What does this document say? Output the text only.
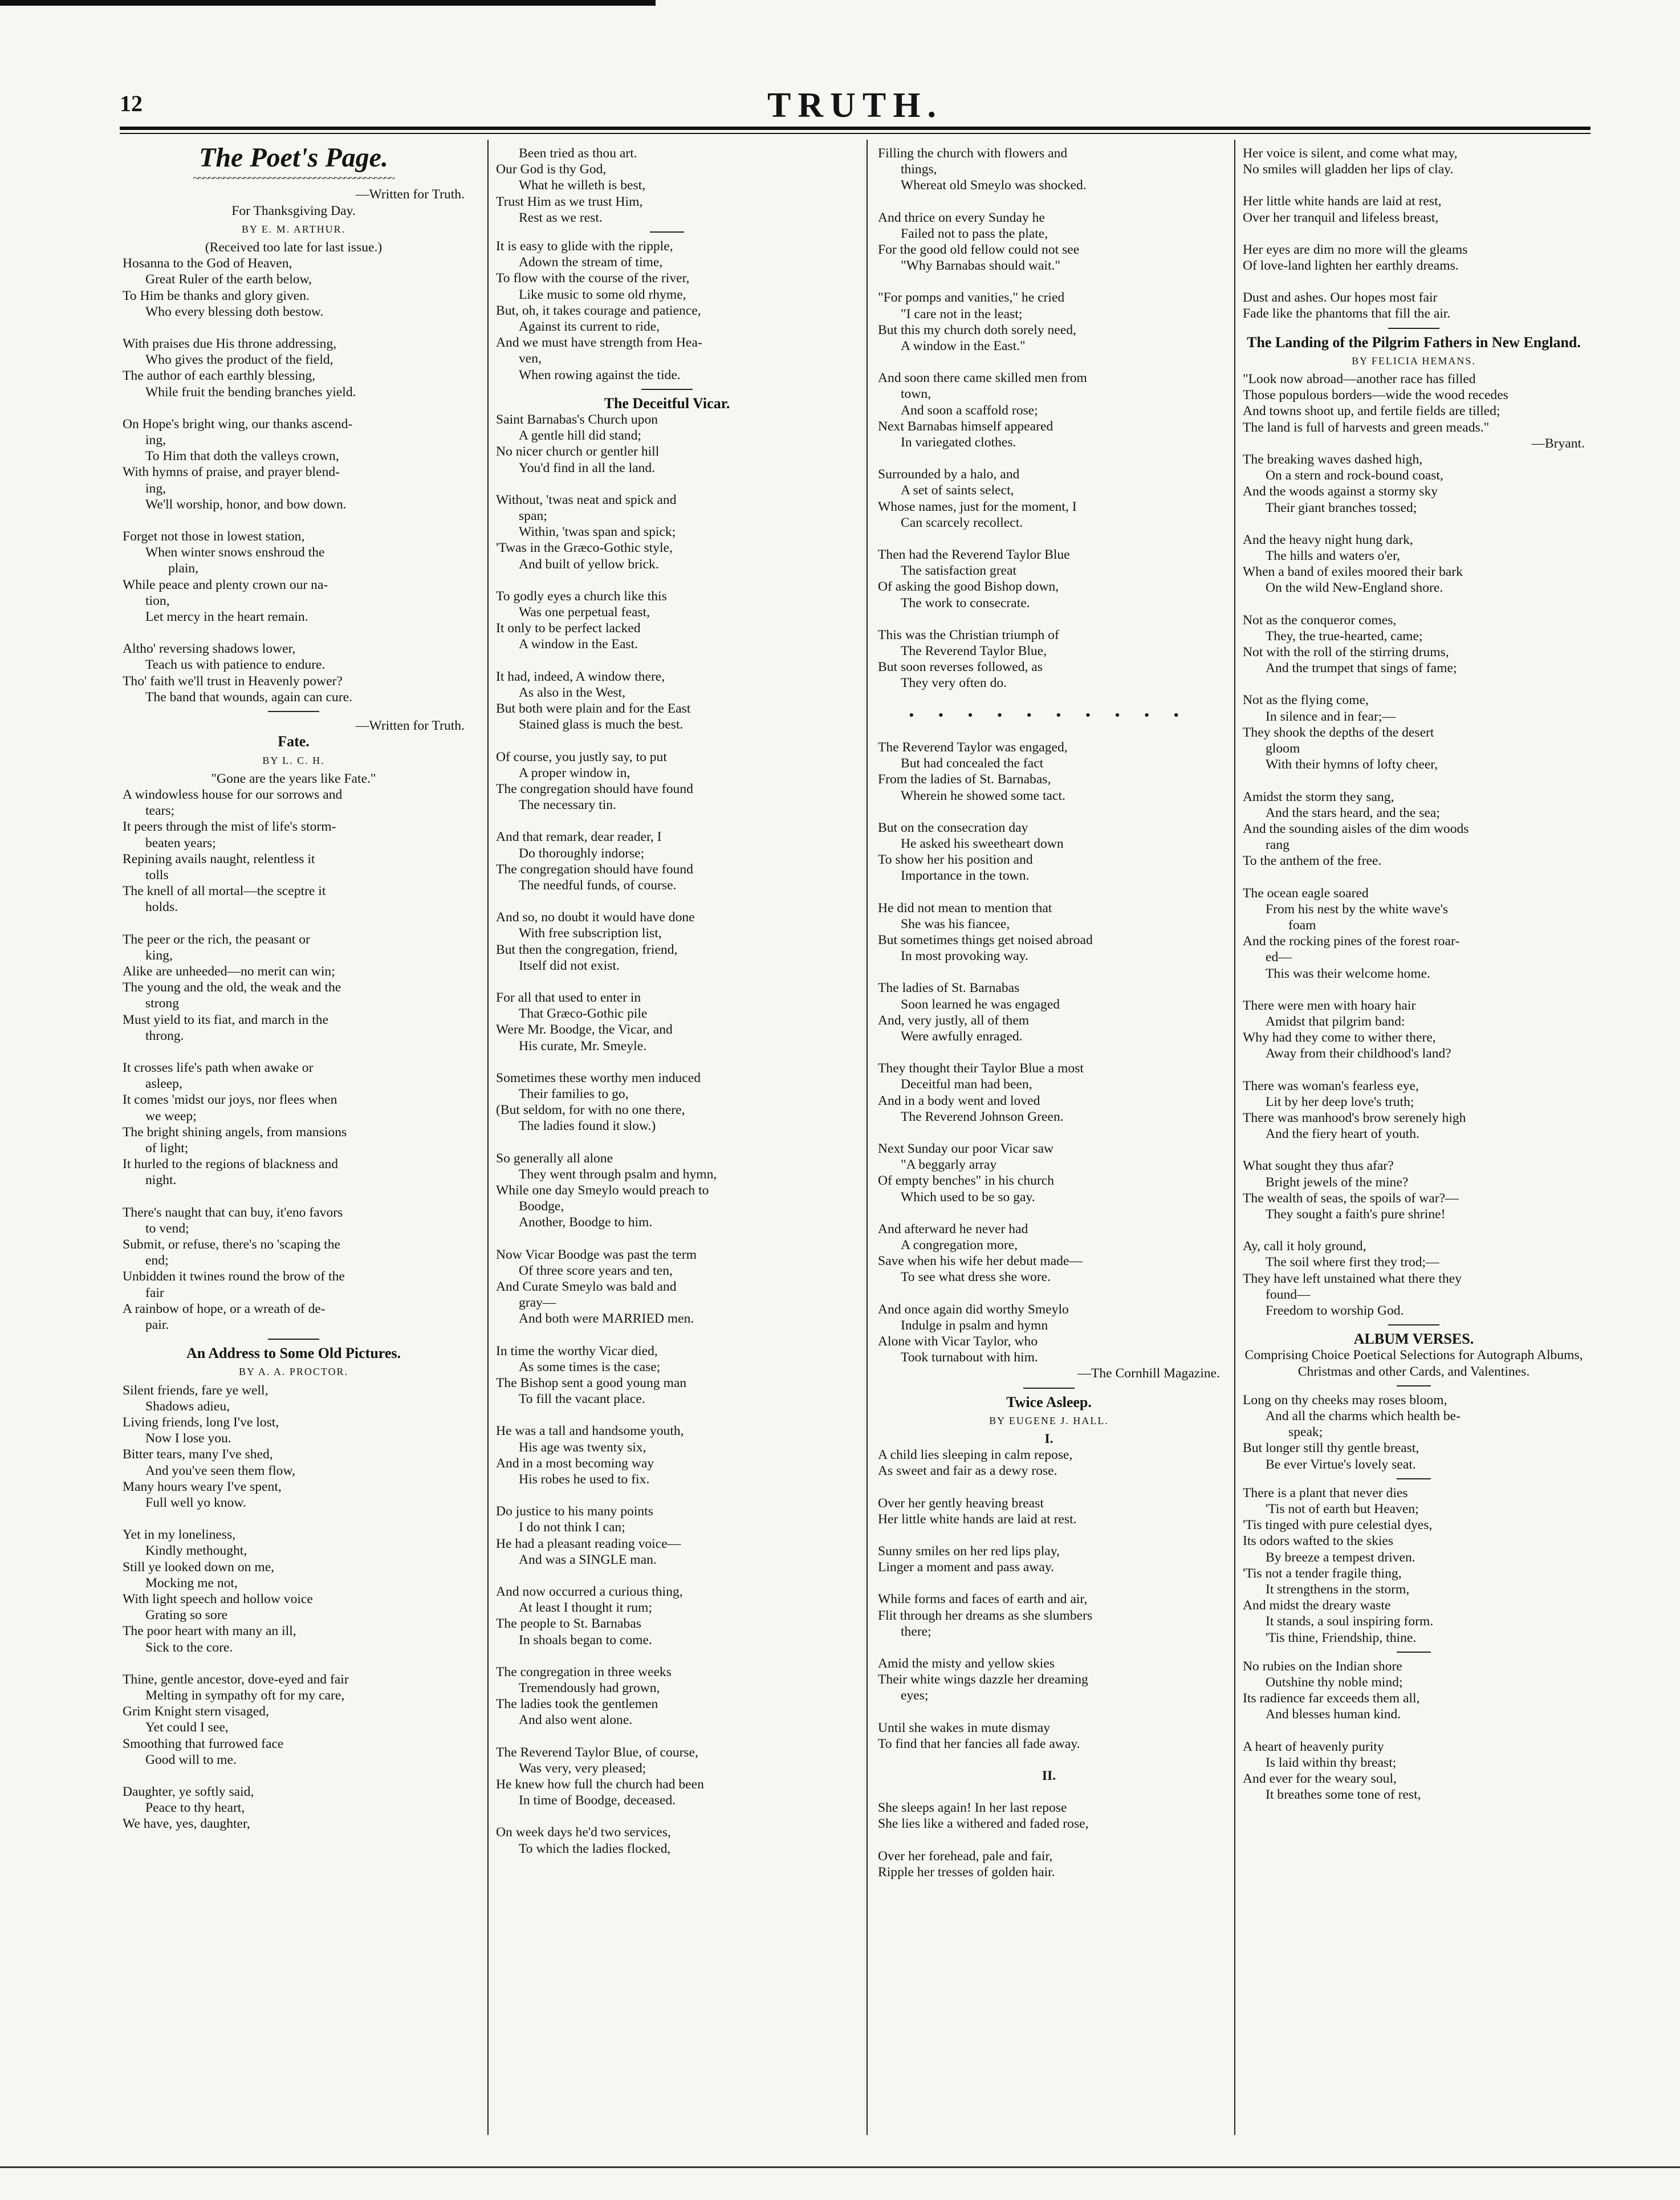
12	TRUTH.

The Poet's Page.

~~~~~~~~~~~~~~~~~~~~~~~~~~~~~~~~~~~~~~~~

—Written for Truth.

For Thanksgiving Day.

BY E. M. ARTHUR.

(Received too late for last issue.)

Hosanna to the God of Heaven,

Great Ruler of the earth below,

To Him be thanks and glory given.

Who every blessing doth bestow.

With praises due His throne addressing,

Who gives the product of the field,

The author of each earthly blessing,

While fruit the bending branches yield.

On Hope's bright wing, our thanks ascend-

ing,

To Him that doth the valleys crown,

With hymns of praise, and prayer blend-

ing,

We'll worship, honor, and bow down.

Forget not those in lowest station,

When winter snows enshroud the

plain,

While peace and plenty crown our na-

tion,

Let mercy in the heart remain.

Altho' reversing shadows lower,

Teach us with patience to endure.

Tho' faith we'll trust in Heavenly power?

The band that wounds, again can cure.

—Written for Truth.

Fate.

BY L. C. H.

"Gone are the years like Fate."

A windowless house for our sorrows and

tears;

It peers through the mist of life's storm-

beaten years;

Repining avails naught, relentless it

tolls

The knell of all mortal—the sceptre it

holds.

The peer or the rich, the peasant or

king,

Alike are unheeded—no merit can win;

The young and the old, the weak and the

strong

Must yield to its fiat, and march in the

throng.

It crosses life's path when awake or

asleep,

It comes 'midst our joys, nor flees when

we weep;

The bright shining angels, from mansions

of light;

It hurled to the regions of blackness and

night.

There's naught that can buy, it'eno favors

to vend;

Submit, or refuse, there's no 'scaping the

end;

Unbidden it twines round the brow of the

fair

A rainbow of hope, or a wreath of de-

pair.

An Address to Some Old Pictures.

BY A. A. PROCTOR.

Silent friends, fare ye well,

Shadows adieu,

Living friends, long I've lost,

Now I lose you.

Bitter tears, many I've shed,

And you've seen them flow,

Many hours weary I've spent,

Full well yo know.

Yet in my loneliness,

Kindly methought,

Still ye looked down on me,

Mocking me not,

With light speech and hollow voice

Grating so sore

The poor heart with many an ill,

Sick to the core.

Thine, gentle ancestor, dove-eyed and fair

Melting in sympathy oft for my care,

Grim Knight stern visaged,

Yet could I see,

Smoothing that furrowed face

Good will to me.

Daughter, ye softly said,

Peace to thy heart,

We have, yes, daughter,

Been tried as thou art.

Our God is thy God,

What he willeth is best,

Trust Him as we trust Him,

Rest as we rest.

It is easy to glide with the ripple,

Adown the stream of time,

To flow with the course of the river,

Like music to some old rhyme,

But, oh, it takes courage and patience,

Against its current to ride,

And we must have strength from Hea-

ven,

When rowing against the tide.

The Deceitful Vicar.

Saint Barnabas's Church upon

A gentle hill did stand;

No nicer church or gentler hill

You'd find in all the land.

Without, 'twas neat and spick and

span;

Within, 'twas span and spick;

'Twas in the Græco-Gothic style,

And built of yellow brick.

To godly eyes a church like this

Was one perpetual feast,

It only to be perfect lacked

A window in the East.

It had, indeed, A window there,

As also in the West,

But both were plain and for the East

Stained glass is much the best.

Of course, you justly say, to put

A proper window in,

The congregation should have found

The necessary tin.

And that remark, dear reader, I

Do thoroughly indorse;

The congregation should have found

The needful funds, of course.

And so, no doubt it would have done

With free subscription list,

But then the congregation, friend,

Itself did not exist.

For all that used to enter in

That Græco-Gothic pile

Were Mr. Boodge, the Vicar, and

His curate, Mr. Smeyle.

Sometimes these worthy men induced

Their families to go,

(But seldom, for with no one there,

The ladies found it slow.)

So generally all alone

They went through psalm and hymn,

While one day Smeylo would preach to

Boodge,

Another, Boodge to him.

Now Vicar Boodge was past the term

Of three score years and ten,

And Curate Smeylo was bald and

gray—

And both were MARRIED men.

In time the worthy Vicar died,

As some times is the case;

The Bishop sent a good young man

To fill the vacant place.

He was a tall and handsome youth,

His age was twenty six,

And in a most becoming way

His robes he used to fix.

Do justice to his many points

I do not think I can;

He had a pleasant reading voice—

And was a SINGLE man.

And now occurred a curious thing,

At least I thought it rum;

The people to St. Barnabas

In shoals began to come.

The congregation in three weeks

Tremendously had grown,

The ladies took the gentlemen

And also went alone.

The Reverend Taylor Blue, of course,

Was very, very pleased;

He knew how full the church had been

In time of Boodge, deceased.

On week days he'd two services,

To which the ladies flocked,

Filling the church with flowers and

things,

Whereat old Smeylo was shocked.

And thrice on every Sunday he

Failed not to pass the plate,

For the good old fellow could not see

"Why Barnabas should wait."

"For pomps and vanities," he cried

"I care not in the least;

But this my church doth sorely need,

A window in the East."

And soon there came skilled men from

town,

And soon a scaffold rose;

Next Barnabas himself appeared

In variegated clothes.

Surrounded by a halo, and

A set of saints select,

Whose names, just for the moment, I

Can scarcely recollect.

Then had the Reverend Taylor Blue

The satisfaction great

Of asking the good Bishop down,

The work to consecrate.

This was the Christian triumph of

The Reverend Taylor Blue,

But soon reverses followed, as

They very often do.

• • • • • • • • • •

The Reverend Taylor was engaged,

But had concealed the fact

From the ladies of St. Barnabas,

Wherein he showed some tact.

But on the consecration day

He asked his sweetheart down

To show her his position and

Importance in the town.

He did not mean to mention that

She was his fiancee,

But sometimes things get noised abroad

In most provoking way.

The ladies of St. Barnabas

Soon learned he was engaged

And, very justly, all of them

Were awfully enraged.

They thought their Taylor Blue a most

Deceitful man had been,

And in a body went and loved

The Reverend Johnson Green.

Next Sunday our poor Vicar saw

"A beggarly array

Of empty benches" in his church

Which used to be so gay.

And afterward he never had

A congregation more,

Save when his wife her debut made—

To see what dress she wore.

And once again did worthy Smeylo

Indulge in psalm and hymn

Alone with Vicar Taylor, who

Took turnabout with him.

—The Cornhill Magazine.

Twice Asleep.

BY EUGENE J. HALL.

I.

A child lies sleeping in calm repose,

As sweet and fair as a dewy rose.

Over her gently heaving breast

Her little white hands are laid at rest.

Sunny smiles on her red lips play,

Linger a moment and pass away.

While forms and faces of earth and air,

Flit through her dreams as she slumbers

there;

Amid the misty and yellow skies

Their white wings dazzle her dreaming

eyes;

Until she wakes in mute dismay

To find that her fancies all fade away.

II.

She sleeps again! In her last repose

She lies like a withered and faded rose,

Over her forehead, pale and fair,

Ripple her tresses of golden hair.

Her voice is silent, and come what may,

No smiles will gladden her lips of clay.

Her little white hands are laid at rest,

Over her tranquil and lifeless breast,

Her eyes are dim no more will the gleams

Of love-land lighten her earthly dreams.

Dust and ashes. Our hopes most fair

Fade like the phantoms that fill the air.

The Landing of the Pilgrim Fathers in New England.

BY FELICIA HEMANS.

"Look now abroad—another race has filled

Those populous borders—wide the wood recedes

And towns shoot up, and fertile fields are tilled;

The land is full of harvests and green meads."

—Bryant.

The breaking waves dashed high,

On a stern and rock-bound coast,

And the woods against a stormy sky

Their giant branches tossed;

And the heavy night hung dark,

The hills and waters o'er,

When a band of exiles moored their bark

On the wild New-England shore.

Not as the conqueror comes,

They, the true-hearted, came;

Not with the roll of the stirring drums,

And the trumpet that sings of fame;

Not as the flying come,

In silence and in fear;—

They shook the depths of the desert

gloom

With their hymns of lofty cheer,

Amidst the storm they sang,

And the stars heard, and the sea;

And the sounding aisles of the dim woods

rang

To the anthem of the free.

The ocean eagle soared

From his nest by the white wave's

foam

And the rocking pines of the forest roar-

ed—

This was their welcome home.

There were men with hoary hair

Amidst that pilgrim band:

Why had they come to wither there,

Away from their childhood's land?

There was woman's fearless eye,

Lit by her deep love's truth;

There was manhood's brow serenely high

And the fiery heart of youth.

What sought they thus afar?

Bright jewels of the mine?

The wealth of seas, the spoils of war?—

They sought a faith's pure shrine!

Ay, call it holy ground,

The soil where first they trod;—

They have left unstained what there they

found—

Freedom to worship God.

ALBUM VERSES.

Comprising Choice Poetical Selections for Autograph Albums, Christmas and other Cards, and Valentines.

Long on thy cheeks may roses bloom,

And all the charms which health be-

speak;

But longer still thy gentle breast,

Be ever Virtue's lovely seat.

There is a plant that never dies

'Tis not of earth but Heaven;

'Tis tinged with pure celestial dyes,

Its odors wafted to the skies

By breeze a tempest driven.

'Tis not a tender fragile thing,

It strengthens in the storm,

And midst the dreary waste

It stands, a soul inspiring form.

'Tis thine, Friendship, thine.

No rubies on the Indian shore

Outshine thy noble mind;

Its radience far exceeds them all,

And blesses human kind.

A heart of heavenly purity

Is laid within thy breast;

And ever for the weary soul,

It breathes some tone of rest,
